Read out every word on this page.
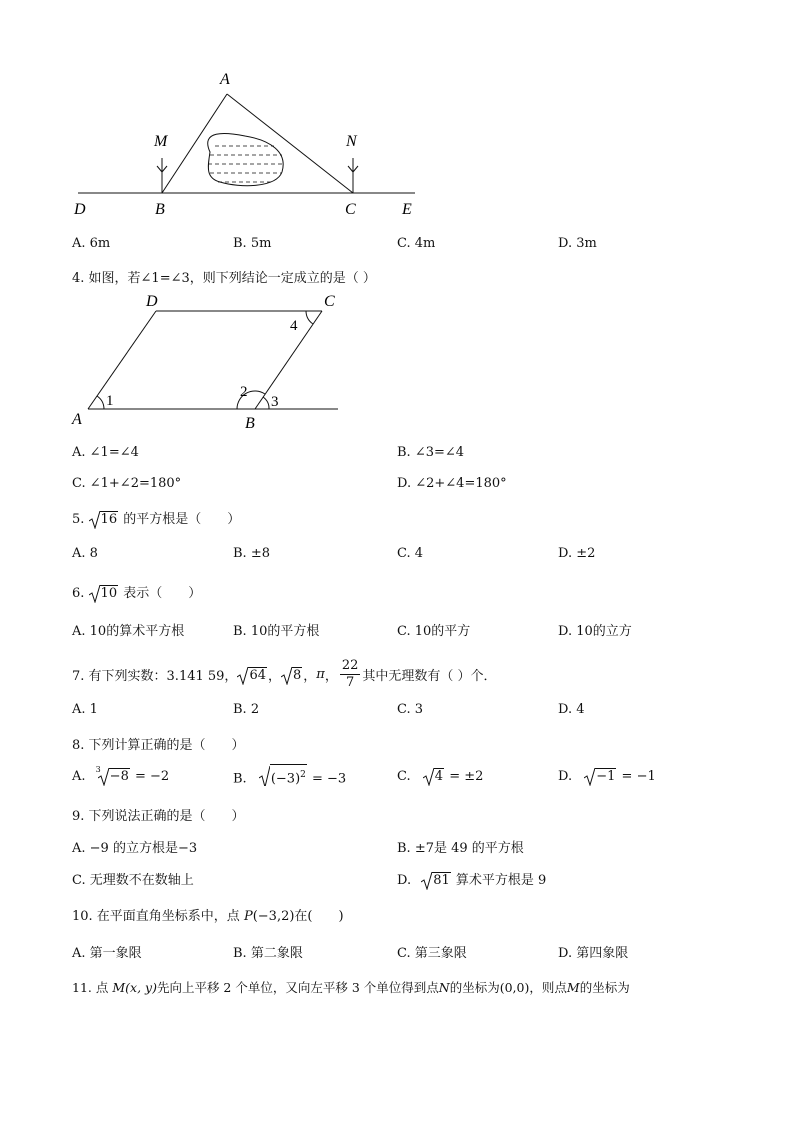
A
M	N
D	B	C	E
A. 6m	B. 5m	C. 4m	D. 3m
4. 如图，若∠1=∠3，则下列结论一定成立的是（ ）
D	C
A	B
1
2
3
4
A. ∠1=∠4	B. ∠3=∠4
C. ∠1+∠2=180°	D. ∠2+∠4=180°
5. 16 的平方根是（　　）
A. 8	B. ±8	C. 4	D. ±2
6. 10 表示（　　）
A. 10的算术平方根	B. 10的平方根	C. 10的平方	D. 10的立方
7. 有下列实数：3.141 59， 64 ， 8 ， π ， $\frac{22}{7}$ 其中无理数有（ ）个．
A. 1	B. 2	C. 3	D. 4
8. 下列计算正确的是（　　）
A. 3 −8 = −2	B. $(-3)^2 = -3$	C. 4 = ±2	D. −1 = −1
9. 下列说法正确的是（　　）
A. −9 的立方根是−3	B. ±7是 49 的平方根
C. 无理数不在数轴上	D. 81 算术平方根是 9
10. 在平面直角坐标系中，点 P(−3,2)在(　　)
A. 第一象限	B. 第二象限	C. 第三象限	D. 第四象限
11. 点 M(x, y)先向上平移 2 个单位，又向左平移 3 个单位得到点N的坐标为(0,0)，则点M的坐标为
